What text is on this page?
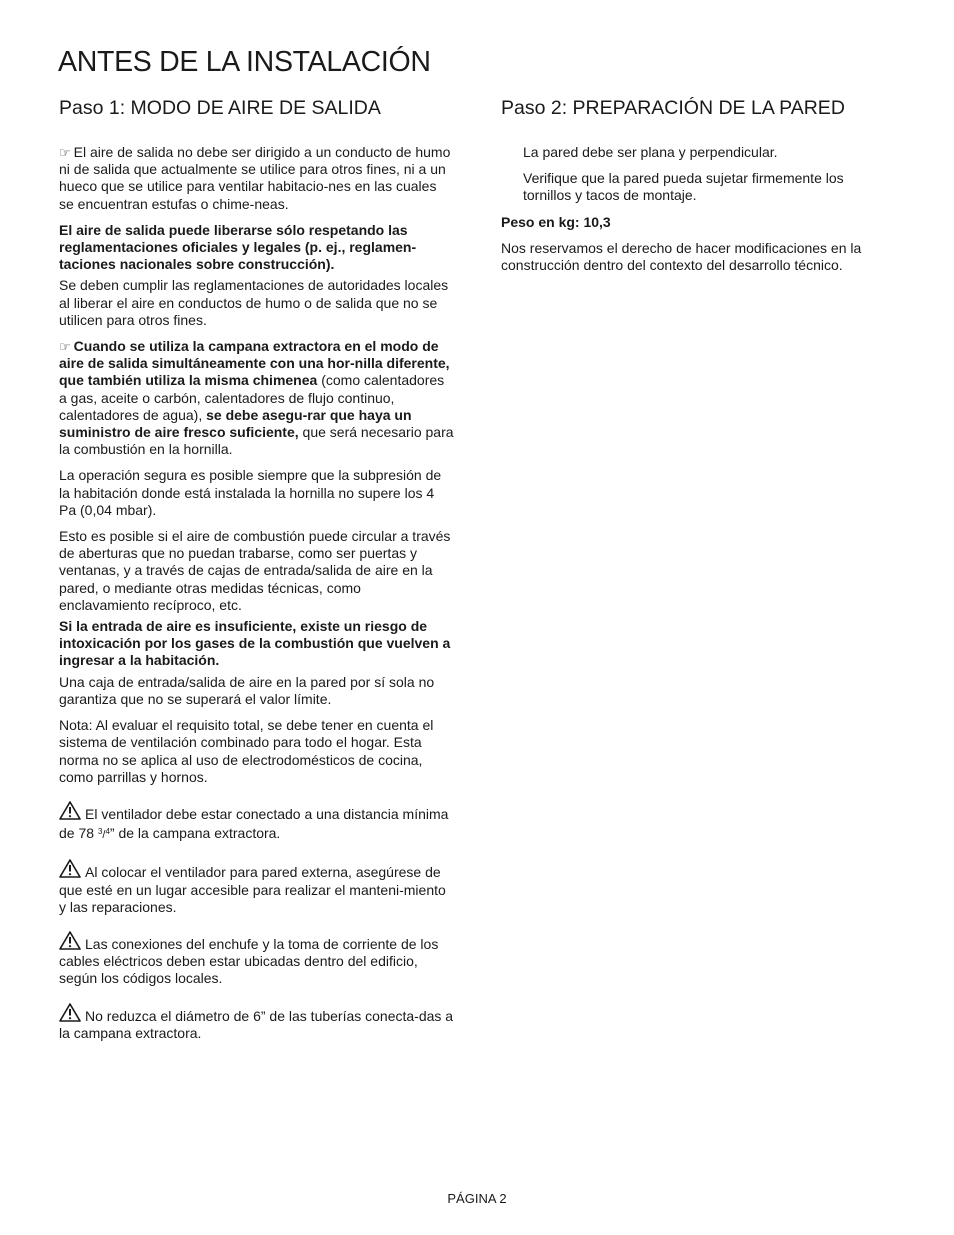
ANTES DE LA INSTALACIÓN
Paso 1: MODO DE AIRE DE SALIDA

☞ El aire de salida no debe ser dirigido a un conducto de humo ni de salida que actualmente se utilice para otros fines, ni a un hueco que se utilice para ventilar habitacio-nes en las cuales se encuentran estufas o chime-neas.

El aire de salida puede liberarse sólo respetando las reglamentaciones oficiales y legales (p. ej., reglamen-taciones nacionales sobre construcción).

Se deben cumplir las reglamentaciones de autoridades locales al liberar el aire en conductos de humo o de salida que no se utilicen para otros fines.

☞ Cuando se utiliza la campana extractora en el modo de aire de salida simultáneamente con una hor-nilla diferente, que también utiliza la misma chimenea (como calentadores a gas, aceite o carbón, calentadores de flujo continuo, calentadores de agua), se debe asegu-rar que haya un suministro de aire fresco suficiente, que será necesario para la combustión en la hornilla.

La operación segura es posible siempre que la subpresión de la habitación donde está instalada la hornilla no supere los 4 Pa (0,04 mbar).

Esto es posible si el aire de combustión puede circular a través de aberturas que no puedan trabarse, como ser puertas y ventanas, y a través de cajas de entrada/salida de aire en la pared, o mediante otras medidas técnicas, como enclavamiento recíproco, etc.

Si la entrada de aire es insuficiente, existe un riesgo de intoxicación por los gases de la combustión que vuelven a ingresar a la habitación.

Una caja de entrada/salida de aire en la pared por sí sola no garantiza que no se superará el valor límite.

Nota: Al evaluar el requisito total, se debe tener en cuenta el sistema de ventilación combinado para todo el hogar. Esta norma no se aplica al uso de electrodomésticos de cocina, como parrillas y hornos.

El ventilador debe estar conectado a una distancia mínima de 78 $^3$/$^4$” de la campana extractora.

Al colocar el ventilador para pared externa, asegúrese de que esté en un lugar accesible para realizar el manteni-miento y las reparaciones.

Las conexiones del enchufe y la toma de corriente de los cables eléctricos deben estar ubicadas dentro del edificio, según los códigos locales.

No reduzca el diámetro de 6” de las tuberías conecta-das a la campana extractora.

Paso 2: PREPARACIÓN DE LA PARED

La pared debe ser plana y perpendicular.

Verifique que la pared pueda sujetar firmemente los tornillos y tacos de montaje.

Peso en kg: 10,3

Nos reservamos el derecho de hacer modificaciones en la construcción dentro del contexto del desarrollo técnico.

PÁGINA 2
